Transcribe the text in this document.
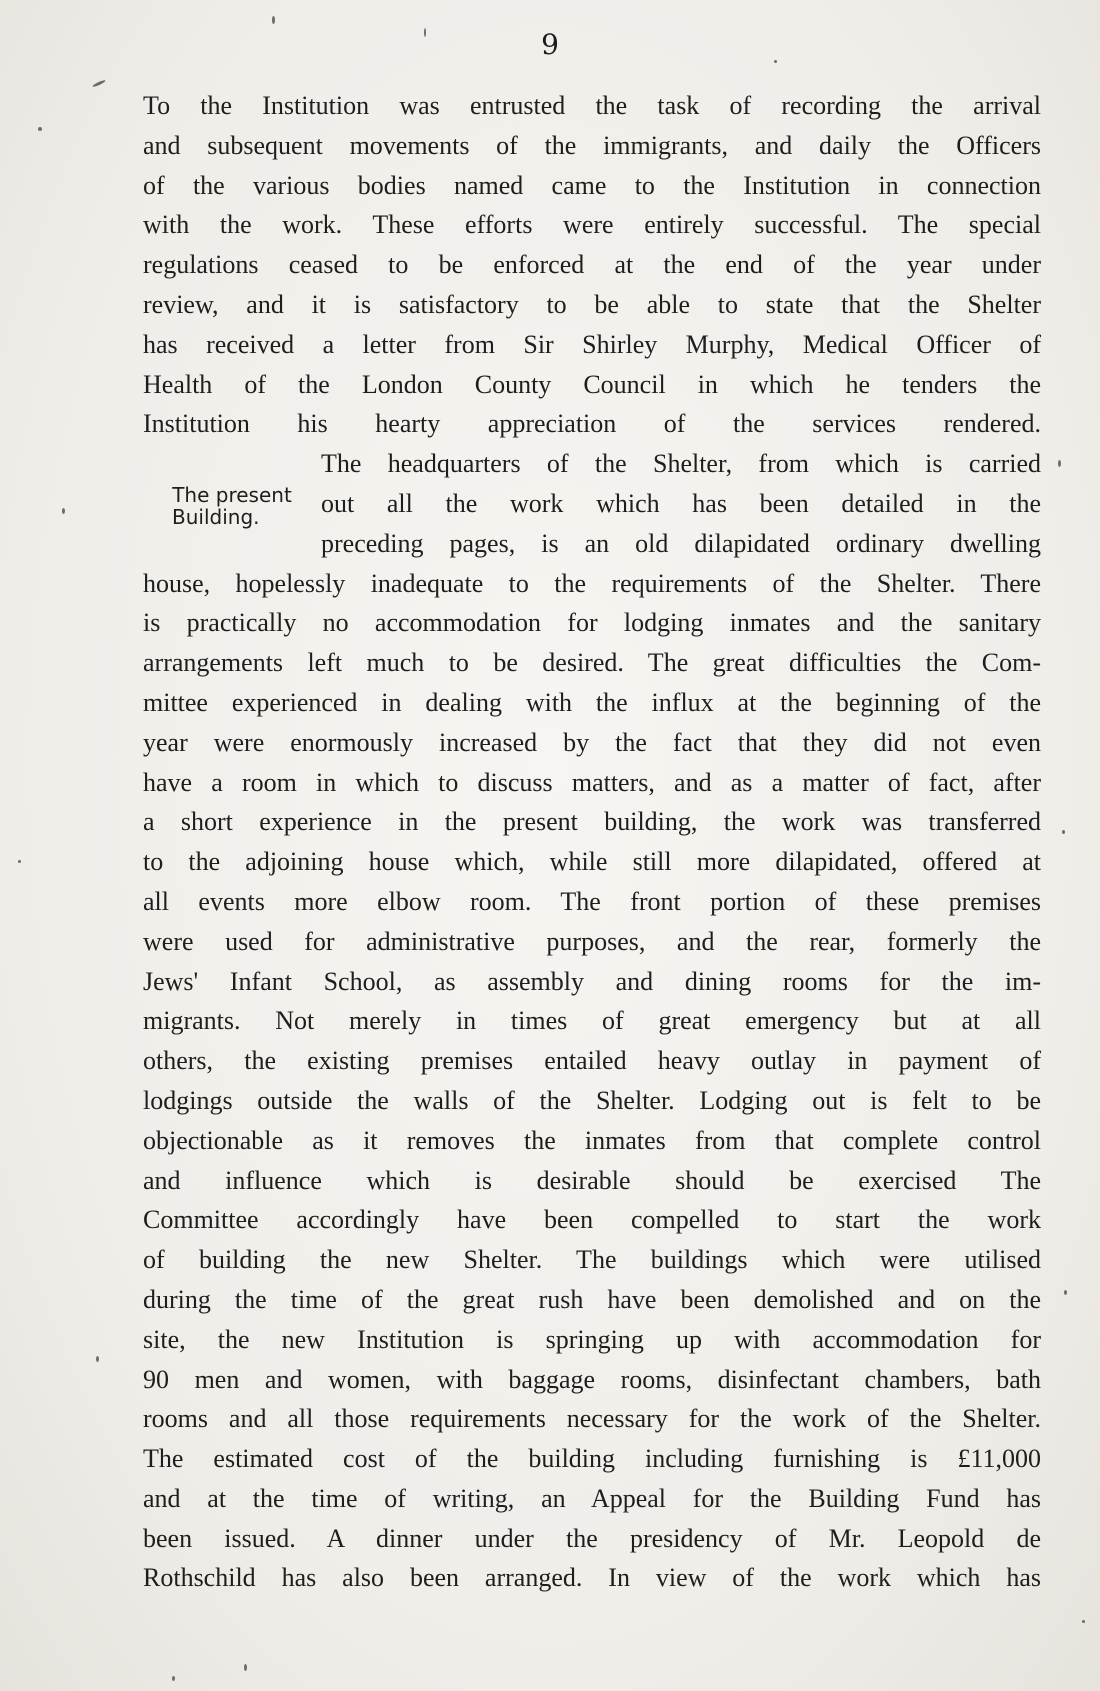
9
The present
Building.
To the Institution was entrusted the task of recording the arrival
and subsequent movements of the immigrants, and daily the Officers
of the various bodies named came to the Institution in connection
with the work. These efforts were entirely successful. The special
regulations ceased to be enforced at the end of the year under
review, and it is satisfactory to be able to state that the Shelter
has received a letter from Sir Shirley Murphy, Medical Officer of
Health of the London County Council in which he tenders the
Institution his hearty appreciation of the services rendered.
The headquarters of the Shelter, from which is carried
out all the work which has been detailed in the
preceding pages, is an old dilapidated ordinary dwelling
house, hopelessly inadequate to the requirements of the Shelter. There
is practically no accommodation for lodging inmates and the sanitary
arrangements left much to be desired. The great difficulties the Com-
mittee experienced in dealing with the influx at the beginning of the
year were enormously increased by the fact that they did not even
have a room in which to discuss matters, and as a matter of fact, after
a short experience in the present building, the work was transferred
to the adjoining house which, while still more dilapidated, offered at
all events more elbow room. The front portion of these premises
were used for administrative purposes, and the rear, formerly the
Jews' Infant School, as assembly and dining rooms for the im-
migrants. Not merely in times of great emergency but at all
others, the existing premises entailed heavy outlay in payment of
lodgings outside the walls of the Shelter. Lodging out is felt to be
objectionable as it removes the inmates from that complete control
and influence which is desirable should be exercised The
Committee accordingly have been compelled to start the work
of building the new Shelter. The buildings which were utilised
during the time of the great rush have been demolished and on the
site, the new Institution is springing up with accommodation for
90 men and women, with baggage rooms, disinfectant chambers, bath
rooms and all those requirements necessary for the work of the Shelter.
The estimated cost of the building including furnishing is £11,000
and at the time of writing, an Appeal for the Building Fund has
been issued. A dinner under the presidency of Mr. Leopold de
Rothschild has also been arranged. In view of the work which has
